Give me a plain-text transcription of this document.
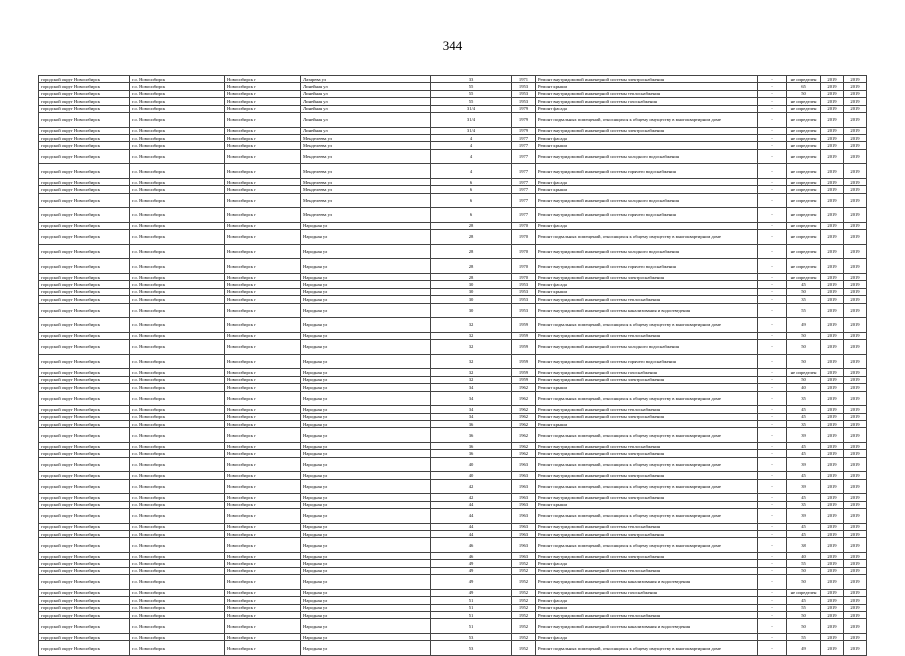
344
городской округ Новосибирск	г.о. Новосибирск	Новосибирск г	Лазарева ул	33	1971	Ремонт внутридомовой инженерной системы электроснабжения	-	не определен	2019	2019
городской округ Новосибирск	г.о. Новосибирск	Новосибирск г	Линейная ул	55	1953	Ремонт крыши	-	65	2019	2019
городской округ Новосибирск	г.о. Новосибирск	Новосибирск г	Линейная ул	55	1953	Ремонт внутридомовой инженерной системы теплоснабжения	-	50	2019	2019
городской округ Новосибирск	г.о. Новосибирск	Новосибирск г	Линейная ул	55	1953	Ремонт внутридомовой инженерной системы газоснабжения	-	не определен	2019	2019
городской округ Новосибирск	г.о. Новосибирск	Новосибирск г	Линейная ул	31/4	1979	Ремонт фасада	-	не определен	2019	2019
городской округ Новосибирск	г.о. Новосибирск	Новосибирск г	Линейная ул	31/4	1979	Ремонт подвальных помещений, относящихся к общему имуществу в многоквартирном доме	-	не определен	2019	2019
городской округ Новосибирск	г.о. Новосибирск	Новосибирск г	Линейная ул	31/4	1979	Ремонт внутридомовой инженерной системы электроснабжения	-	не определен	2019	2019
городской округ Новосибирск	г.о. Новосибирск	Новосибирск г	Менделеева ул	4	1977	Ремонт фасада	-	не определен	2019	2019
городской округ Новосибирск	г.о. Новосибирск	Новосибирск г	Менделеева ул	4	1977	Ремонт крыши	-	не определен	2019	2019
городской округ Новосибирск	г.о. Новосибирск	Новосибирск г	Менделеева ул	4	1977	Ремонт внутридомовой инженерной системы холодного водоснабжения	-	не определен	2019	2019
городской округ Новосибирск	г.о. Новосибирск	Новосибирск г	Менделеева ул	4	1977	Ремонт внутридомовой инженерной системы горячего водоснабжения	-	не определен	2019	2019
городской округ Новосибирск	г.о. Новосибирск	Новосибирск г	Менделеева ул	6	1977	Ремонт фасада	-	не определен	2019	2019
городской округ Новосибирск	г.о. Новосибирск	Новосибирск г	Менделеева ул	6	1977	Ремонт крыши	-	не определен	2019	2019
городской округ Новосибирск	г.о. Новосибирск	Новосибирск г	Менделеева ул	6	1977	Ремонт внутридомовой инженерной системы холодного водоснабжения	-	не определен	2019	2019
городской округ Новосибирск	г.о. Новосибирск	Новосибирск г	Менделеева ул	6	1977	Ремонт внутридомовой инженерной системы горячего водоснабжения	-	не определен	2019	2019
городской округ Новосибирск	г.о. Новосибирск	Новосибирск г	Народная ул	28	1970	Ремонт фасада	-	не определен	2019	2019
городской округ Новосибирск	г.о. Новосибирск	Новосибирск г	Народная ул	28	1970	Ремонт подвальных помещений, относящихся к общему имуществу в многоквартирном доме	-	не определен	2019	2019
городской округ Новосибирск	г.о. Новосибирск	Новосибирск г	Народная ул	28	1970	Ремонт внутридомовой инженерной системы холодного водоснабжения	-	не определен	2019	2019
городской округ Новосибирск	г.о. Новосибирск	Новосибирск г	Народная ул	28	1970	Ремонт внутридомовой инженерной системы горячего водоснабжения	-	не определен	2019	2019
городской округ Новосибирск	г.о. Новосибирск	Новосибирск г	Народная ул	28	1970	Ремонт внутридомовой инженерной системы электроснабжения	-	не определен	2019	2019
городской округ Новосибирск	г.о. Новосибирск	Новосибирск г	Народная ул	30	1953	Ремонт фасада	-	45	2019	2019
городской округ Новосибирск	г.о. Новосибирск	Новосибирск г	Народная ул	30	1953	Ремонт крыши	-	50	2019	2019
городской округ Новосибирск	г.о. Новосибирск	Новосибирск г	Народная ул	30	1953	Ремонт внутридомовой инженерной системы теплоснабжения	-	35	2019	2019
городской округ Новосибирск	г.о. Новосибирск	Новосибирск г	Народная ул	30	1953	Ремонт внутридомовой инженерной системы канализования и водоотведения	-	55	2019	2019
городской округ Новосибирск	г.о. Новосибирск	Новосибирск г	Народная ул	32	1959	Ремонт подвальных помещений, относящихся к общему имуществу в многоквартирном доме	-	49	2019	2019
городской округ Новосибирск	г.о. Новосибирск	Новосибирск г	Народная ул	32	1959	Ремонт внутридомовой инженерной системы теплоснабжения	-	50	2019	2019
городской округ Новосибирск	г.о. Новосибирск	Новосибирск г	Народная ул	32	1959	Ремонт внутридомовой инженерной системы холодного водоснабжения	-	50	2019	2019
городской округ Новосибирск	г.о. Новосибирск	Новосибирск г	Народная ул	32	1959	Ремонт внутридомовой инженерной системы горячего водоснабжения	-	50	2019	2019
городской округ Новосибирск	г.о. Новосибирск	Новосибирск г	Народная ул	32	1959	Ремонт внутридомовой инженерной системы газоснабжения	-	не определен	2019	2019
городской округ Новосибирск	г.о. Новосибирск	Новосибирск г	Народная ул	32	1959	Ремонт внутридомовой инженерной системы электроснабжения	-	50	2019	2019
городской округ Новосибирск	г.о. Новосибирск	Новосибирск г	Народная ул	34	1962	Ремонт крыши	-	40	2019	2019
городской округ Новосибирск	г.о. Новосибирск	Новосибирск г	Народная ул	34	1962	Ремонт подвальных помещений, относящихся к общему имуществу в многоквартирном доме	-	35	2019	2019
городской округ Новосибирск	г.о. Новосибирск	Новосибирск г	Народная ул	34	1962	Ремонт внутридомовой инженерной системы теплоснабжения	-	45	2019	2019
городской округ Новосибирск	г.о. Новосибирск	Новосибирск г	Народная ул	34	1962	Ремонт внутридомовой инженерной системы электроснабжения	-	45	2019	2019
городской округ Новосибирск	г.о. Новосибирск	Новосибирск г	Народная ул	36	1962	Ремонт крыши	-	35	2019	2019
городской округ Новосибирск	г.о. Новосибирск	Новосибирск г	Народная ул	36	1962	Ремонт подвальных помещений, относящихся к общему имуществу в многоквартирном доме	-	39	2019	2019
городской округ Новосибирск	г.о. Новосибирск	Новосибирск г	Народная ул	36	1962	Ремонт внутридомовой инженерной системы теплоснабжения	-	45	2019	2019
городской округ Новосибирск	г.о. Новосибирск	Новосибирск г	Народная ул	36	1962	Ремонт внутридомовой инженерной системы электроснабжения	-	45	2019	2019
городской округ Новосибирск	г.о. Новосибирск	Новосибирск г	Народная ул	40	1963	Ремонт подвальных помещений, относящихся к общему имуществу в многоквартирном доме	-	39	2019	2019
городской округ Новосибирск	г.о. Новосибирск	Новосибирск г	Народная ул	40	1963	Ремонт внутридомовой инженерной системы электроснабжения	-	45	2019	2019
городской округ Новосибирск	г.о. Новосибирск	Новосибирск г	Народная ул	42	1963	Ремонт подвальных помещений, относящихся к общему имуществу в многоквартирном доме	-	39	2019	2019
городской округ Новосибирск	г.о. Новосибирск	Новосибирск г	Народная ул	42	1963	Ремонт внутридомовой инженерной системы электроснабжения	-	45	2019	2019
городской округ Новосибирск	г.о. Новосибирск	Новосибирск г	Народная ул	44	1963	Ремонт крыши	-	35	2019	2019
городской округ Новосибирск	г.о. Новосибирск	Новосибирск г	Народная ул	44	1963	Ремонт подвальных помещений, относящихся к общему имуществу в многоквартирном доме	-	39	2019	2019
городской округ Новосибирск	г.о. Новосибирск	Новосибирск г	Народная ул	44	1963	Ремонт внутридомовой инженерной системы теплоснабжения	-	45	2019	2019
городской округ Новосибирск	г.о. Новосибирск	Новосибирск г	Народная ул	44	1963	Ремонт внутридомовой инженерной системы электроснабжения	-	45	2019	2019
городской округ Новосибирск	г.о. Новосибирск	Новосибирск г	Народная ул	46	1963	Ремонт подвальных помещений, относящихся к общему имуществу в многоквартирном доме	-	38	2019	2019
городской округ Новосибирск	г.о. Новосибирск	Новосибирск г	Народная ул	46	1963	Ремонт внутридомовой инженерной системы электроснабжения	-	40	2019	2019
городской округ Новосибирск	г.о. Новосибирск	Новосибирск г	Народная ул	49	1952	Ремонт фасада	-	55	2019	2019
городской округ Новосибирск	г.о. Новосибирск	Новосибирск г	Народная ул	49	1952	Ремонт внутридомовой инженерной системы теплоснабжения	-	50	2019	2019
городской округ Новосибирск	г.о. Новосибирск	Новосибирск г	Народная ул	49	1952	Ремонт внутридомовой инженерной системы канализования и водоотведения	-	50	2019	2019
городской округ Новосибирск	г.о. Новосибирск	Новосибирск г	Народная ул	49	1952	Ремонт внутридомовой инженерной системы газоснабжения	-	не определен	2019	2019
городской округ Новосибирск	г.о. Новосибирск	Новосибирск г	Народная ул	51	1952	Ремонт фасада	-	45	2019	2019
городской округ Новосибирск	г.о. Новосибирск	Новосибирск г	Народная ул	51	1952	Ремонт крыши	-	55	2019	2019
городской округ Новосибирск	г.о. Новосибирск	Новосибирск г	Народная ул	51	1952	Ремонт внутридомовой инженерной системы теплоснабжения	-	50	2019	2019
городской округ Новосибирск	г.о. Новосибирск	Новосибирск г	Народная ул	51	1952	Ремонт внутридомовой инженерной системы канализования и водоотведения	-	50	2019	2019
городской округ Новосибирск	г.о. Новосибирск	Новосибирск г	Народная ул	53	1952	Ремонт фасада	-	55	2019	2019
городской округ Новосибирск	г.о. Новосибирск	Новосибирск г	Народная ул	53	1952	Ремонт подвальных помещений, относящихся к общему имуществу в многоквартирном доме	-	49	2019	2019
